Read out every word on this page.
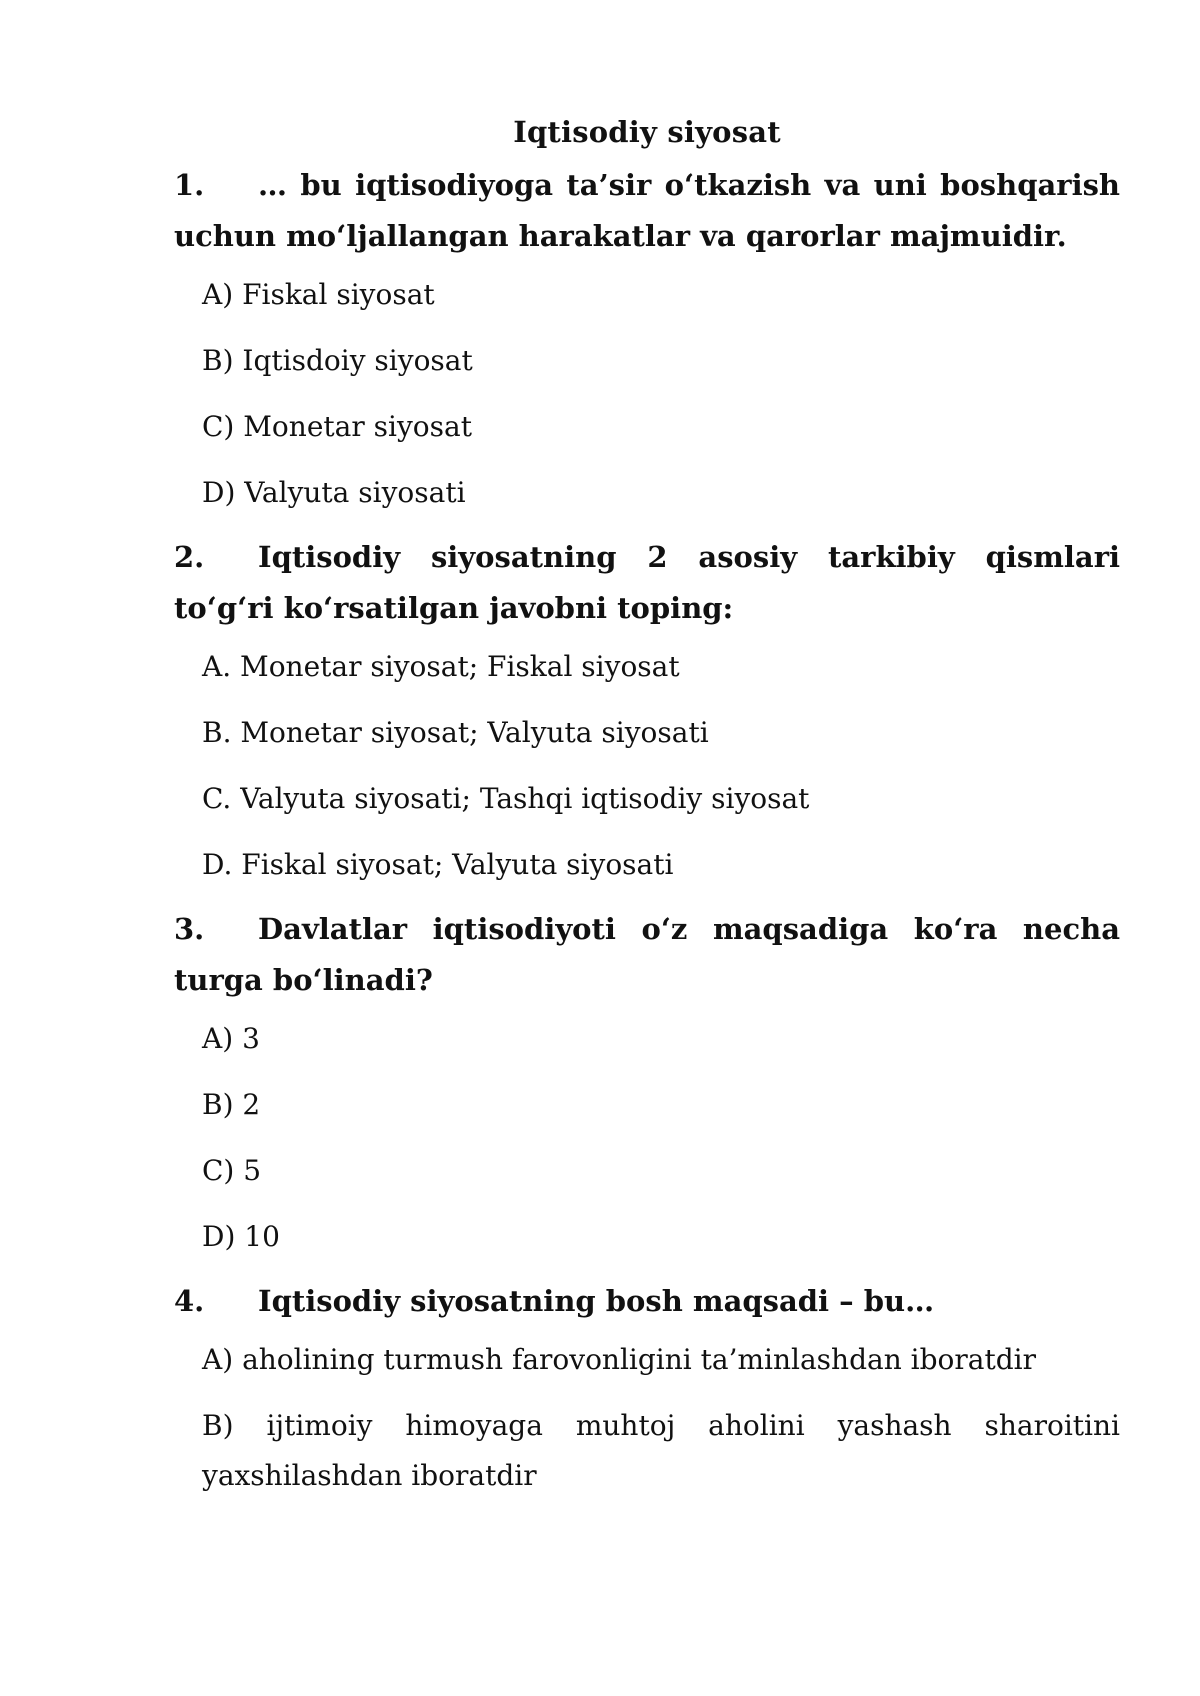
Iqtisodiy siyosat

1. … bu iqtisodiyoga ta’sir o‘tkazish va uni boshqarish uchun mo‘ljallangan harakatlar va qarorlar majmuidir.

A) Fiskal siyosat
B) Iqtisdoiy siyosat
C) Monetar siyosat
D) Valyuta siyosati

2. Iqtisodiy siyosatning 2 asosiy tarkibiy qismlari to‘g‘ri ko‘rsatilgan javobni toping:

A. Monetar siyosat; Fiskal siyosat
B. Monetar siyosat; Valyuta siyosati
C. Valyuta siyosati; Tashqi iqtisodiy siyosat
D. Fiskal siyosat; Valyuta siyosati

3. Davlatlar iqtisodiyoti o‘z maqsadiga ko‘ra necha turga bo‘linadi?

A) 3
B) 2
C) 5
D) 10

4. Iqtisodiy siyosatning bosh maqsadi – bu…

A) aholining turmush farovonligini ta’minlashdan iboratdir
B) ijtimoiy himoyaga muhtoj aholini yashash sharoitini yaxshilashdan iboratdir
